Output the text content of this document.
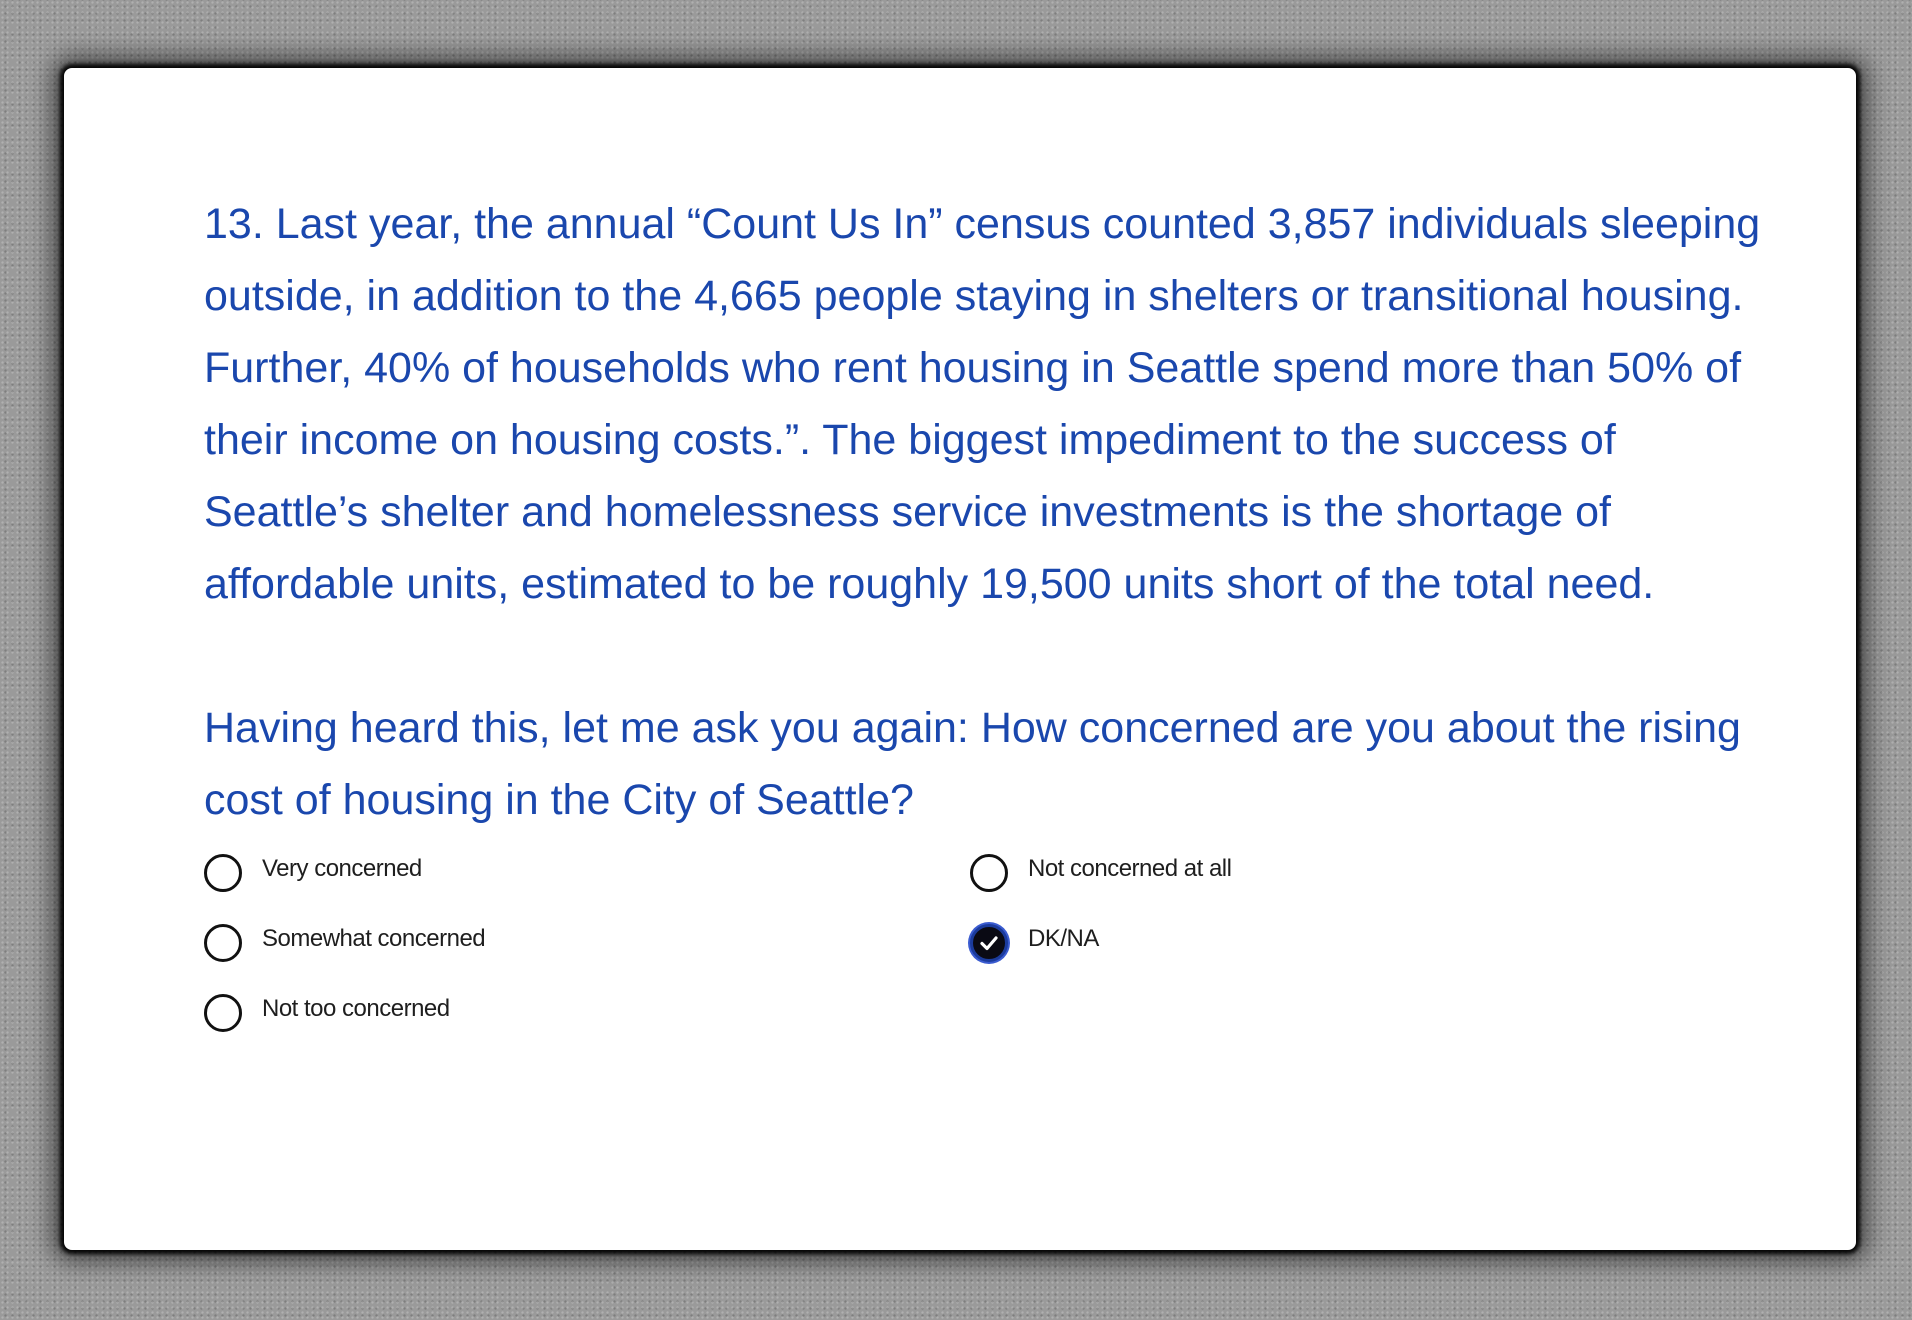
13. Last year, the annual “Count Us In” census counted 3,857 individuals sleeping outside, in addition to the 4,665 people staying in shelters or transitional housing. Further, 40% of households who rent housing in Seattle spend more than 50% of their income on housing costs.”. The biggest impediment to the success of Seattle’s shelter and homelessness service investments is the shortage of affordable units, estimated to be roughly 19,500 units short of the total need.

Having heard this, let me ask you again: How concerned are you about the rising cost of housing in the City of Seattle?

Very concerned
Somewhat concerned
Not too concerned
Not concerned at all
DK/NA
